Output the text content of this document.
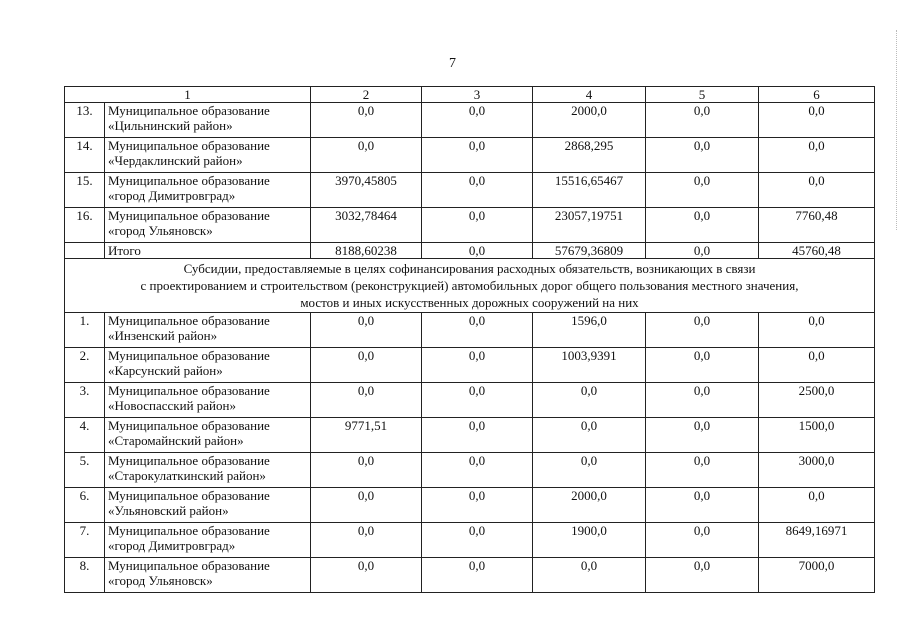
7
1		2	3	4	5	6
13.	Муниципальное образование
«Цильнинский район»	0,0	0,0	2000,0	0,0	0,0
14.	Муниципальное образование
«Чердаклинский район»	0,0	0,0	2868,295	0,0	0,0
15.	Муниципальное образование
«город Димитровград»	3970,45805	0,0	15516,65467	0,0	0,0
16.	Муниципальное образование
«город Ульяновск»	3032,78464	0,0	23057,19751	0,0	7760,48
	Итого	8188,60238	0,0	57679,36809	0,0	45760,48
Субсидии, предоставляемые в целях софинансирования расходных обязательств, возникающих в связи
с проектированием и строительством (реконструкцией) автомобильных дорог общего пользования местного значения,
мостов и иных искусственных дорожных сооружений на них						
1.	Муниципальное образование
«Инзенский район»	0,0	0,0	1596,0	0,0	0,0
2.	Муниципальное образование
«Карсунский район»	0,0	0,0	1003,9391	0,0	0,0
3.	Муниципальное образование
«Новоспасский район»	0,0	0,0	0,0	0,0	2500,0
4.	Муниципальное образование
«Старомайнский район»	9771,51	0,0	0,0	0,0	1500,0
5.	Муниципальное образование
«Старокулаткинский район»	0,0	0,0	0,0	0,0	3000,0
6.	Муниципальное образование
«Ульяновский район»	0,0	0,0	2000,0	0,0	0,0
7.	Муниципальное образование
«город Димитровград»	0,0	0,0	1900,0	0,0	8649,16971
8.	Муниципальное образование
«город Ульяновск»	0,0	0,0	0,0	0,0	7000,0
